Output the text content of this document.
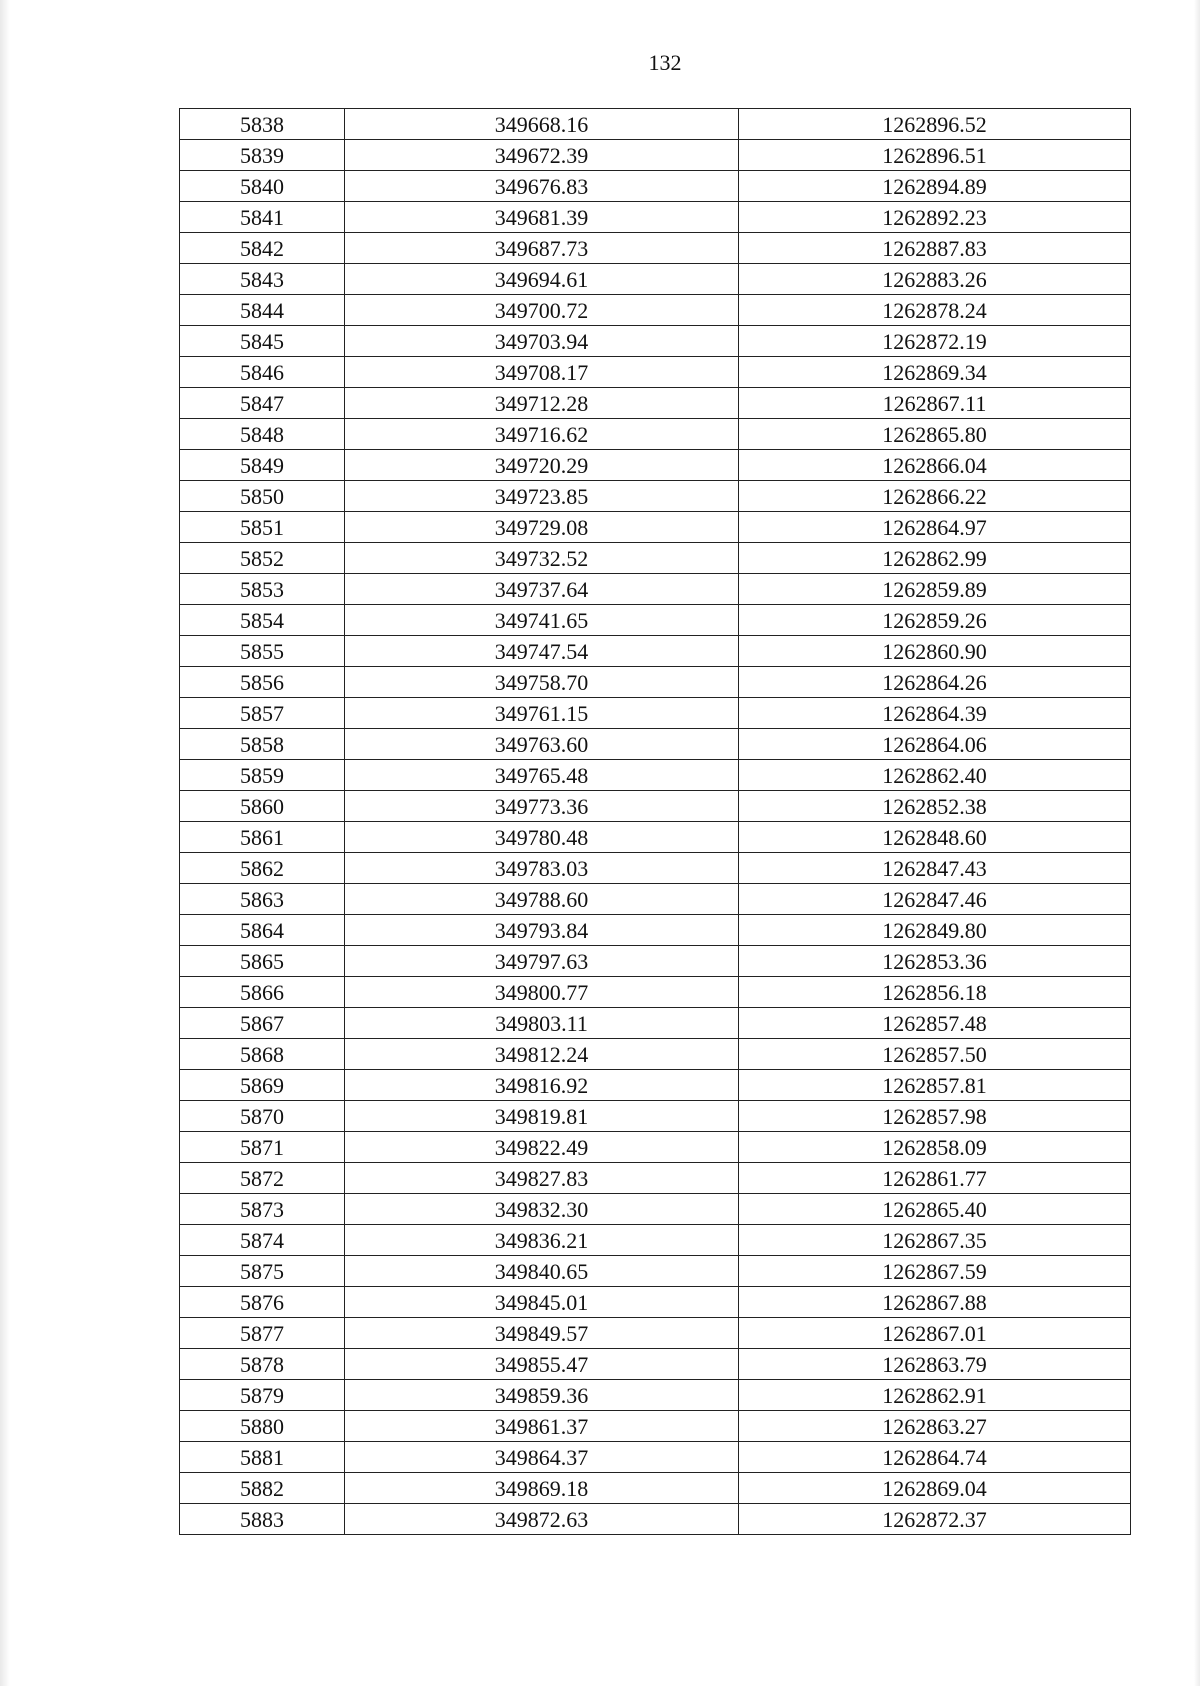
132
5838	349668.16	1262896.52
5839	349672.39	1262896.51
5840	349676.83	1262894.89
5841	349681.39	1262892.23
5842	349687.73	1262887.83
5843	349694.61	1262883.26
5844	349700.72	1262878.24
5845	349703.94	1262872.19
5846	349708.17	1262869.34
5847	349712.28	1262867.11
5848	349716.62	1262865.80
5849	349720.29	1262866.04
5850	349723.85	1262866.22
5851	349729.08	1262864.97
5852	349732.52	1262862.99
5853	349737.64	1262859.89
5854	349741.65	1262859.26
5855	349747.54	1262860.90
5856	349758.70	1262864.26
5857	349761.15	1262864.39
5858	349763.60	1262864.06
5859	349765.48	1262862.40
5860	349773.36	1262852.38
5861	349780.48	1262848.60
5862	349783.03	1262847.43
5863	349788.60	1262847.46
5864	349793.84	1262849.80
5865	349797.63	1262853.36
5866	349800.77	1262856.18
5867	349803.11	1262857.48
5868	349812.24	1262857.50
5869	349816.92	1262857.81
5870	349819.81	1262857.98
5871	349822.49	1262858.09
5872	349827.83	1262861.77
5873	349832.30	1262865.40
5874	349836.21	1262867.35
5875	349840.65	1262867.59
5876	349845.01	1262867.88
5877	349849.57	1262867.01
5878	349855.47	1262863.79
5879	349859.36	1262862.91
5880	349861.37	1262863.27
5881	349864.37	1262864.74
5882	349869.18	1262869.04
5883	349872.63	1262872.37
